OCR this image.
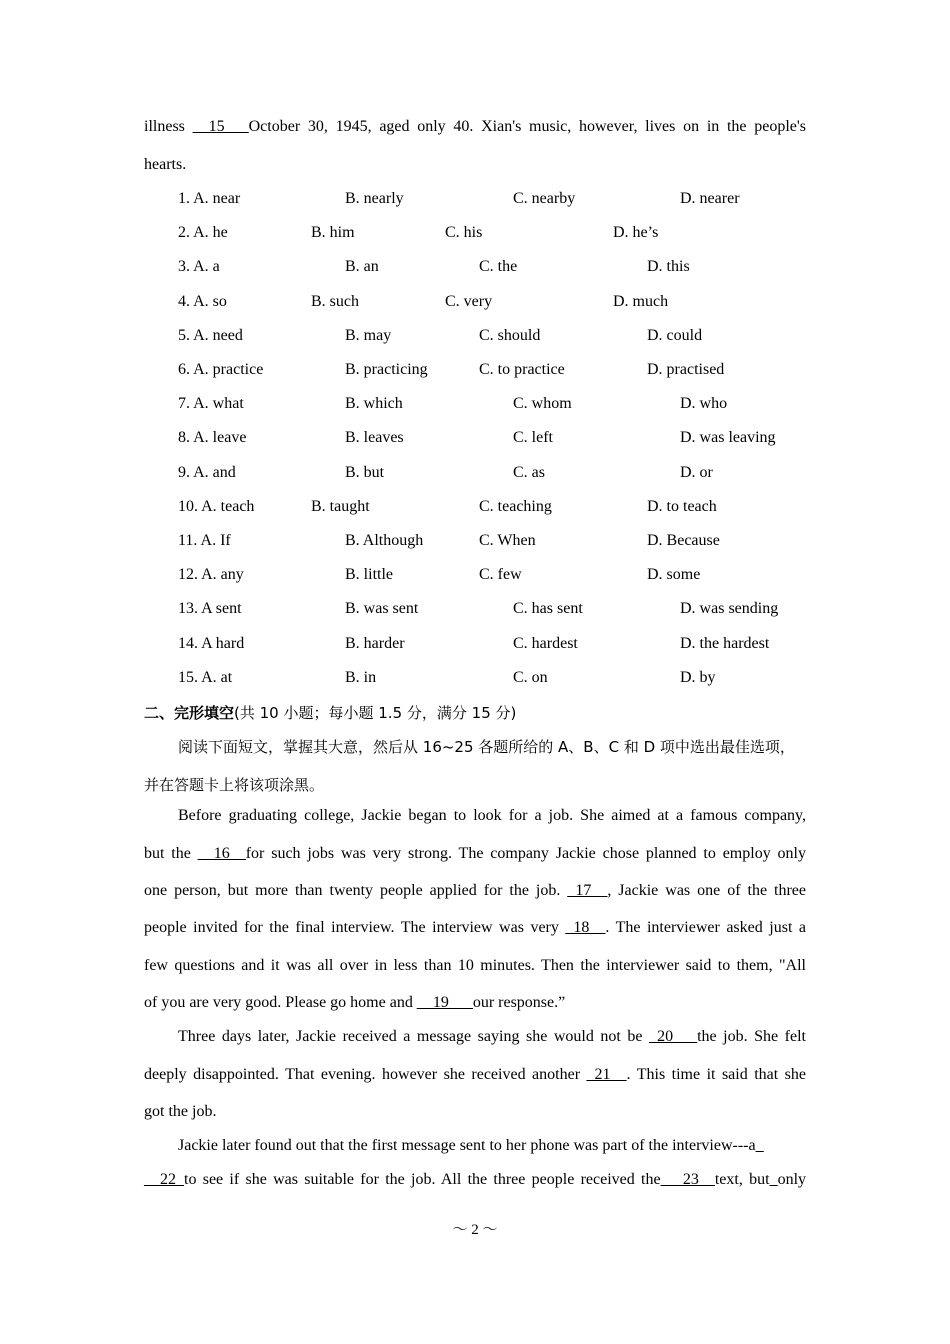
illness __15___October 30, 1945, aged only 40. Xian's music, however, lives on in the people's
hearts.
1. A. near	B. nearly	C. nearby	D. nearer
2. A. he	B. him	C. his	D. he’s
3. A. a	B. an	C. the	D. this
4. A. so	B. such	C. very	D. much
5. A. need	B. may	C. should	D. could
6. A. practice	B. practicing	C. to practice	D. practised
7. A. what	B. which	C. whom	D. who
8. A. leave	B. leaves	C. left	D. was leaving
9. A. and	B. but	C. as	D. or
10. A. teach	B. taught	C. teaching	D. to teach
11. A. If	B. Although	C. When	D. Because
12. A. any	B. little	C. few	D. some
13. A sent	B. was sent	C. has sent	D. was sending
14. A hard	B. harder	C. hardest	D. the hardest
15. A. at	B. in	C. on	D. by
二、完形填空(共 10 小题；每小题 1.5 分，满分 15 分)
阅读下面短文，掌握其大意，然后从 16~25 各题所给的 A、B、C 和 D 项中选出最佳选项，
并在答题卡上将该项涂黑。
Before graduating college, Jackie began to look for a job. She aimed at a famous company,
but the __16__for such jobs was very strong. The company Jackie chose planned to employ only
one person, but more than twenty people applied for the job. _17__, Jackie was one of the three
people invited for the final interview. The interview was very _18__. The interviewer asked just a
few questions and it was all over in less than 10 minutes. Then the interviewer said to them, "All
of you are very good. Please go home and __19___our response.”
Three days later, Jackie received a message saying she would not be _20___the job. She felt
deeply disappointed. That evening. however she received another _21__. This time it said that she
got the job.
Jackie later found out that the first message sent to her phone was part of the interview---a_
__22_to see if she was suitable for the job. All the three people received the_ _23__text, but_only
～ 2 ～
